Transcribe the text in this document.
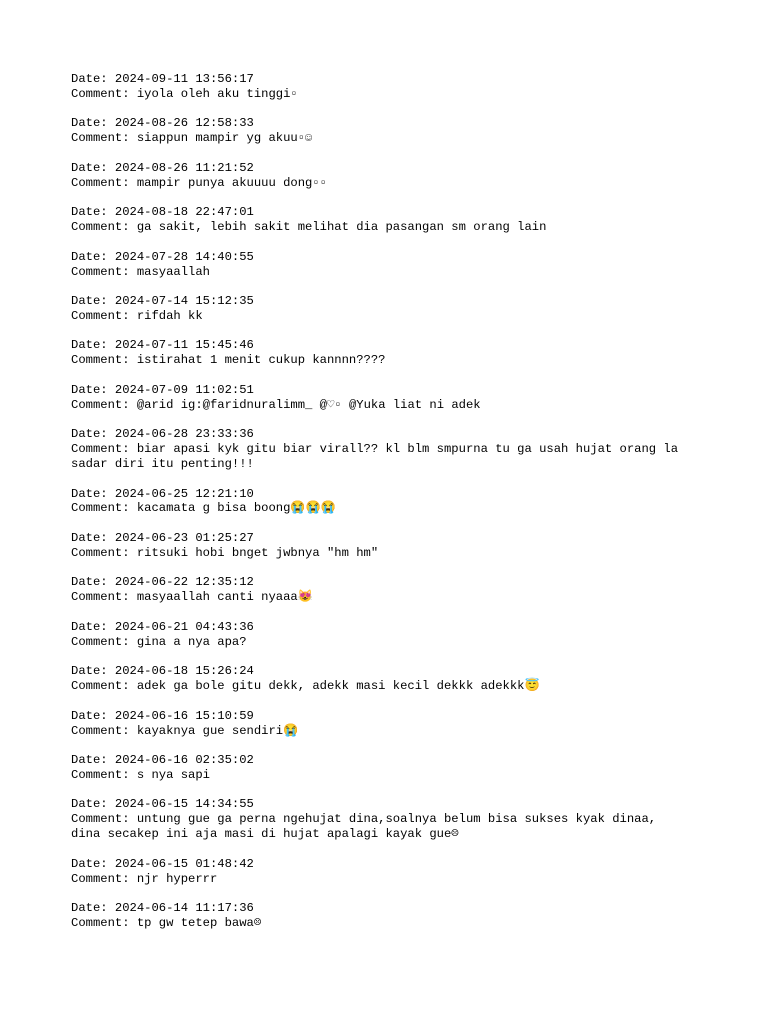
Date: 2024-09-11 13:56:17
Comment: iyola oleh aku tinggi▫
Date: 2024-08-26 12:58:33
Comment: siappun mampir yg akuu▫☺
Date: 2024-08-26 11:21:52
Comment: mampir punya akuuuu dong▫▫
Date: 2024-08-18 22:47:01
Comment: ga sakit, lebih sakit melihat dia pasangan sm orang lain
Date: 2024-07-28 14:40:55
Comment: masyaallah
Date: 2024-07-14 15:12:35
Comment: rifdah kk
Date: 2024-07-11 15:45:46
Comment: istirahat 1 menit cukup kannnn????
Date: 2024-07-09 11:02:51
Comment: @arid ig:@faridnuralimm_ @♡▫ @Yuka liat ni adek
Date: 2024-06-28 23:33:36
Comment: biar apasi kyk gitu biar virall?? kl blm smpurna tu ga usah hujat orang la
sadar diri itu penting!!!
Date: 2024-06-25 12:21:10
Comment: kacamata g bisa boong😭😭😭
Date: 2024-06-23 01:25:27
Comment: ritsuki hobi bnget jwbnya "hm hm"
Date: 2024-06-22 12:35:12
Comment: masyaallah canti nyaaa😻
Date: 2024-06-21 04:43:36
Comment: gina a nya apa?
Date: 2024-06-18 15:26:24
Comment: adek ga bole gitu dekk, adekk masi kecil dekkk adekkk😇
Date: 2024-06-16 15:10:59
Comment: kayaknya gue sendiri😭
Date: 2024-06-16 02:35:02
Comment: s nya sapi
Date: 2024-06-15 14:34:55
Comment: untung gue ga perna ngehujat dina,soalnya belum bisa sukses kyak dinaa,
dina secakep ini aja masi di hujat apalagi kayak gue☹
Date: 2024-06-15 01:48:42
Comment: njr hyperrr
Date: 2024-06-14 11:17:36
Comment: tp gw tetep bawa☹
